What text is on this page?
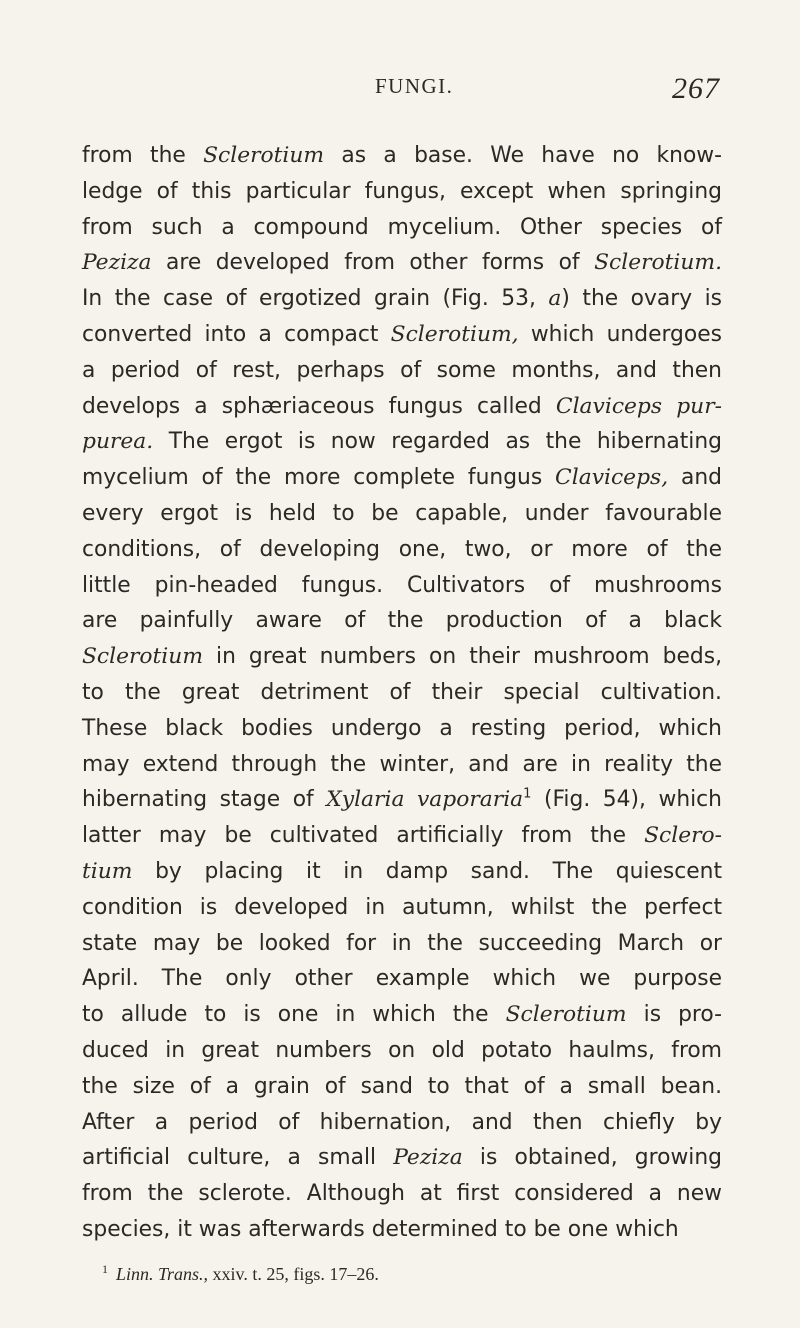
FUNGI.	267
from the Sclerotium as a base. We have no know-
ledge of this particular fungus, except when springing
from such a compound mycelium. Other species of
Peziza are developed from other forms of Sclerotium.
In the case of ergotized grain (Fig. 53, a) the ovary is
converted into a compact Sclerotium, which undergoes
a period of rest, perhaps of some months, and then
develops a sphæriaceous fungus called Claviceps pur-
purea. The ergot is now regarded as the hibernating
mycelium of the more complete fungus Claviceps, and
every ergot is held to be capable, under favourable
conditions, of developing one, two, or more of the
little pin-headed fungus. Cultivators of mushrooms
are painfully aware of the production of a black
Sclerotium in great numbers on their mushroom beds,
to the great detriment of their special cultivation.
These black bodies undergo a resting period, which
may extend through the winter, and are in reality the
hibernating stage of Xylaria vaporaria$^1$ (Fig. 54), which
latter may be cultivated artificially from the Sclero-
tium by placing it in damp sand. The quiescent
condition is developed in autumn, whilst the perfect
state may be looked for in the succeeding March or
April. The only other example which we purpose
to allude to is one in which the Sclerotium is pro-
duced in great numbers on old potato haulms, from
the size of a grain of sand to that of a small bean.
After a period of hibernation, and then chiefly by
artificial culture, a small Peziza is obtained, growing
from the sclerote. Although at first considered a new
species, it was afterwards determined to be one which
$^1$ Linn. Trans., xxiv. t. 25, figs. 17–26.
